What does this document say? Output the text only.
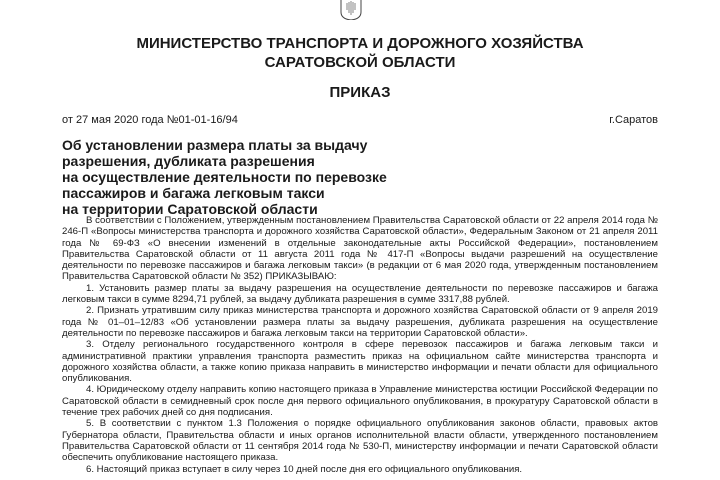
МИНИСТЕРСТВО ТРАНСПОРТА И ДОРОЖНОГО ХОЗЯЙСТВА
САРАТОВСКОЙ ОБЛАСТИ
ПРИКАЗ
от 27 мая 2020 года №01-01-16/94	г.Саратов
Об установлении размера платы за выдачу
разрешения, дубликата разрешения
на осуществление деятельности по перевозке
пассажиров и багажа легковым такси
на территории Саратовской области

В соответствии с Положением, утвержденным постановлением Правительства Саратовской области от 22 апреля 2014 года № 246-П «Вопросы министерства транспорта и дорожного хозяйства Саратовской области», Федеральным Законом от 21 апреля 2011 года № 69-ФЗ «О внесении изменений в отдельные законодательные акты Российской Федерации», постановлением Правительства Саратовской области от 11 августа 2011 года № 417-П «Вопросы выдачи разрешений на осуществление деятельности по перевозке пассажиров и багажа легковым такси» (в редакции от 6 мая 2020 года, утвержденным постановлением Правительства Саратовской области № 352) ПРИКАЗЫВАЮ:

1. Установить размер платы за выдачу разрешения на осуществление деятельности по перевозке пассажиров и багажа легковым такси в сумме 8294,71 рублей, за выдачу дубликата разрешения в сумме 3317,88 рублей.

2. Признать утратившим силу приказ министерства транспорта и дорожного хозяйства Саратовской области от 9 апреля 2019 года № 01–01–12/83 «Об установлении размера платы за выдачу разрешения, дубликата разрешения на осуществление деятельности по перевозке пассажиров и багажа легковым такси на территории Саратовской области».

3. Отделу регионального государственного контроля в сфере перевозок пассажиров и багажа легковым такси и административной практики управления транспорта разместить приказ на официальном сайте министерства транспорта и дорожного хозяйства области, а также копию приказа направить в министерство информации и печати области для официального опубликования.

4. Юридическому отделу направить копию настоящего приказа в Управление министерства юстиции Российской Федерации по Саратовской области в семидневный срок после дня первого официального опубликования, в прокуратуру Саратовской области в течение трех рабочих дней со дня подписания.

5. В соответствии с пунктом 1.3 Положения о порядке официального опубликования законов области, правовых актов Губернатора области, Правительства области и иных органов исполнительной власти области, утвержденного постановлением Правительства Саратовской области от 11 сентября 2014 года № 530-П, министерству информации и печати Саратовской области обеспечить опубликование настоящего приказа.

6. Настоящий приказ вступает в силу через 10 дней после дня его официального опубликования.
